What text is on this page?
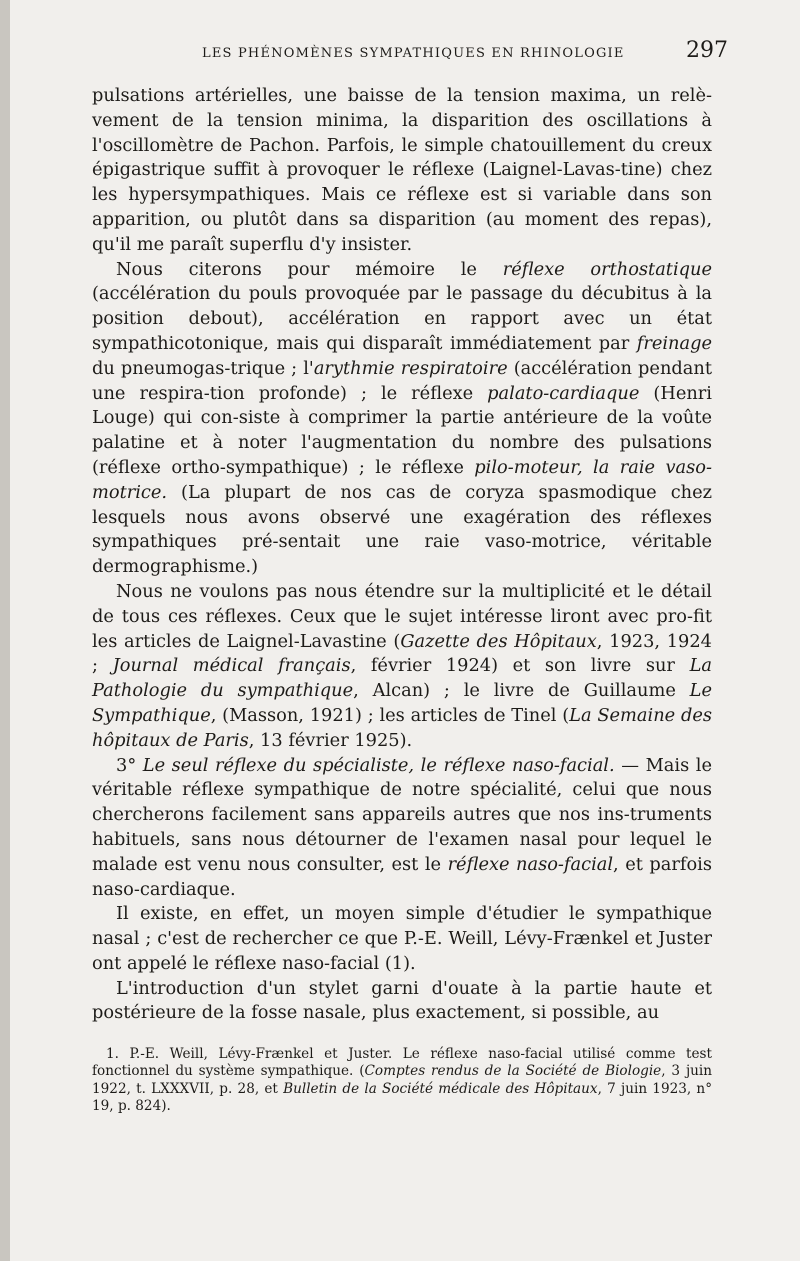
LES PHÉNOMÈNES SYMPATHIQUES EN RHINOLOGIE	297

pulsations artérielles, une baisse de la tension maxima, un relè-vement de la tension minima, la disparition des oscillations à l'oscillomètre de Pachon. Parfois, le simple chatouillement du creux épigastrique suffit à provoquer le réflexe (Laignel-Lavas-tine) chez les hypersympathiques. Mais ce réflexe est si variable dans son apparition, ou plutôt dans sa disparition (au moment des repas), qu'il me paraît superflu d'y insister.

Nous citerons pour mémoire le réflexe orthostatique (accélération du pouls provoquée par le passage du décubitus à la position debout), accélération en rapport avec un état sympathicotonique, mais qui disparaît immédiatement par freinage du pneumogas-trique ; l'arythmie respiratoire (accélération pendant une respira-tion profonde) ; le réflexe palato-cardiaque (Henri Louge) qui con-siste à comprimer la partie antérieure de la voûte palatine et à noter l'augmentation du nombre des pulsations (réflexe ortho-sympathique) ; le réflexe pilo-moteur, la raie vaso-motrice. (La plupart de nos cas de coryza spasmodique chez lesquels nous avons observé une exagération des réflexes sympathiques pré-sentait une raie vaso-motrice, véritable dermographisme.)

Nous ne voulons pas nous étendre sur la multiplicité et le détail de tous ces réflexes. Ceux que le sujet intéresse liront avec pro-fit les articles de Laignel-Lavastine (Gazette des Hôpitaux, 1923, 1924 ; Journal médical français, février 1924) et son livre sur La Pathologie du sympathique, Alcan) ; le livre de Guillaume Le Sympathique, (Masson, 1921) ; les articles de Tinel (La Semaine des hôpitaux de Paris, 13 février 1925).

3° Le seul réflexe du spécialiste, le réflexe naso-facial. — Mais le véritable réflexe sympathique de notre spécialité, celui que nous chercherons facilement sans appareils autres que nos ins-truments habituels, sans nous détourner de l'examen nasal pour lequel le malade est venu nous consulter, est le réflexe naso-facial, et parfois naso-cardiaque.

Il existe, en effet, un moyen simple d'étudier le sympathique nasal ; c'est de rechercher ce que P.-E. Weill, Lévy-Frænkel et Juster ont appelé le réflexe naso-facial (1).

L'introduction d'un stylet garni d'ouate à la partie haute et postérieure de la fosse nasale, plus exactement, si possible, au

1. P.-E. Weill, Lévy-Frænkel et Juster. Le réflexe naso-facial utilisé comme test fonctionnel du système sympathique. (Comptes rendus de la Société de Biologie, 3 juin 1922, t. LXXXVII, p. 28, et Bulletin de la Société médicale des Hôpitaux, 7 juin 1923, n° 19, p. 824).
